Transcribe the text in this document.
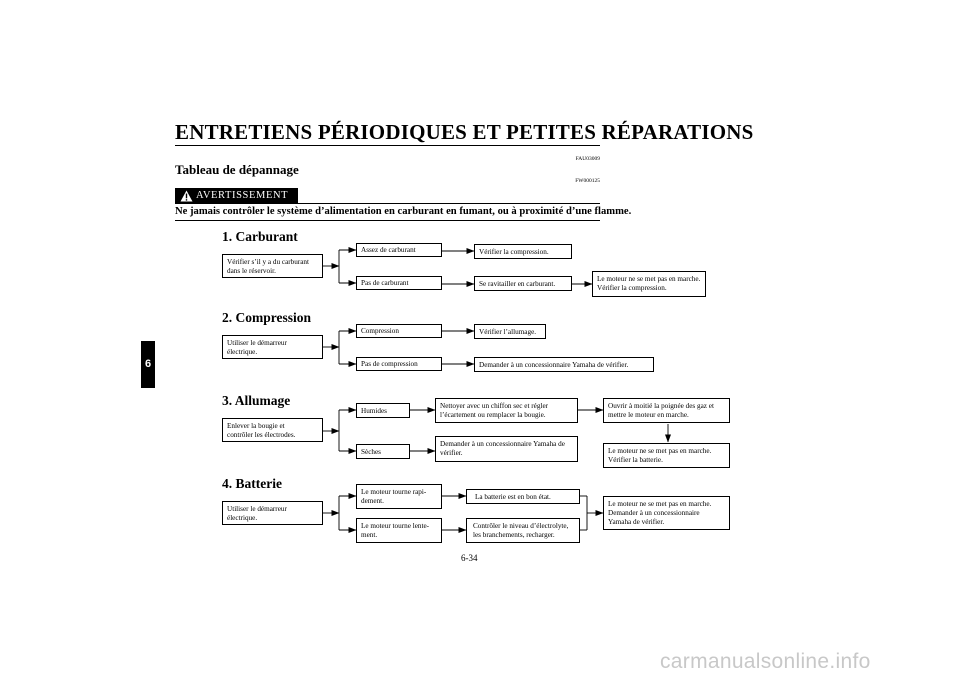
ENTRETIENS PÉRIODIQUES ET PETITES RÉPARATIONS
FAU03009
Tableau de dépannage
FW000125
AVERTISSEMENT
Ne jamais contrôler le système d’alimentation en carburant en fumant, ou à proximité d’une flamme.
6
1. Carburant
Vérifier s’il y a du carburant
dans le réservoir.
Assez de carburant	Vérifier la compression.
Pas de carburant	Se ravitailler en carburant.
Le moteur ne se met pas en marche.
Vérifier la compression.
2. Compression
Utiliser le démarreur
électrique.
Compression	Vérifier l’allumage.
Pas de compression	Demander à un concessionnaire Yamaha de vérifier.
3. Allumage
Enlever la bougie et
contrôler les électrodes.
Humides
Nettoyer avec un chiffon sec et régler
l’écartement ou remplacer la bougie.
Ouvrir à moitié la poignée des gaz et
mettre le moteur en marche.
Le moteur ne se met pas en marche.
Vérifier la batterie.
Sèches
Demander à un concessionnaire Yamaha de
vérifier.
4. Batterie
Utiliser le démarreur
électrique.
Le moteur tourne rapi-
dement.	La batterie est en bon état.
Le moteur tourne lente-
ment.
Contrôler le niveau d’électrolyte,
les branchements, recharger.
Le moteur ne se met pas en marche.
Demander à un concessionnaire
Yamaha de vérifier.
6-34
carmanualsonline.info
